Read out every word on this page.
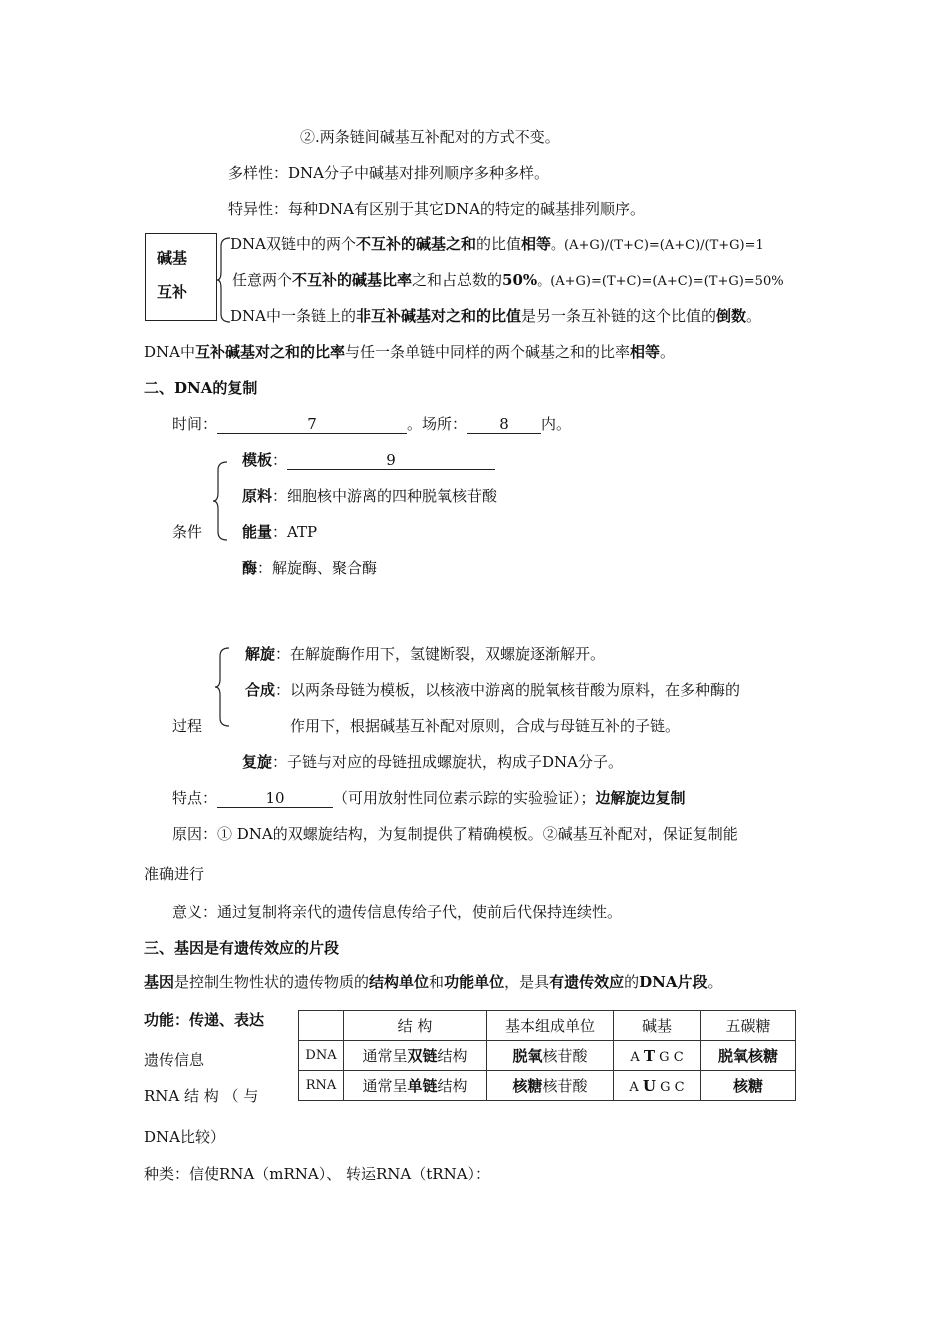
②.两条链间碱基互补配对的方式不变。
多样性：DNA分子中碱基对排列顺序多种多样。
特异性：每种DNA有区别于其它DNA的特定的碱基排列顺序。
碱基
互补
DNA双链中的两个不互补的碱基之和的比值相等。(A+G)/(T+C)=(A+C)/(T+G)=1
任意两个不互补的碱基比率之和占总数的50%。(A+G)=(T+C)=(A+C)=(T+G)=50%
DNA中一条链上的非互补碱基对之和的比值是另一条互补链的这个比值的倒数。
DNA中互补碱基对之和的比率与任一条单链中同样的两个碱基之和的比率相等。
二、DNA的复制
时间：	7	。场所： 8 内。
模板：	9
原料：细胞核中游离的四种脱氧核苷酸
条件	能量：ATP
酶：解旋酶、聚合酶
解旋：在解旋酶作用下，氢键断裂，双螺旋逐渐解开。
合成：以两条母链为模板，以核液中游离的脱氧核苷酸为原料，在多种酶的
过程	作用下，根据碱基互补配对原则，合成与母链互补的子链。
复旋：子链与对应的母链扭成螺旋状，构成子DNA分子。
特点：	10	（可用放射性同位素示踪的实验验证）；边解旋边复制
原因：① DNA的双螺旋结构，为复制提供了精确模板。②碱基互补配对，保证复制能
准确进行
意义：通过复制将亲代的遗传信息传给子代，使前后代保持连续性。
三、基因是有遗传效应的片段
基因是控制生物性状的遗传物质的结构单位和功能单位，是具有遗传效应的DNA片段。
功能：传递、表达
遗传信息
RNA 结 构 （ 与
DNA比较）
种类：信使RNA（mRNA）、 转运RNA（tRNA）：
	结 构	基本组成单位	碱基	五碳糖
DNA	通常呈双链结构	脱氧核苷酸	A T G C	脱氧核糖
RNA	通常呈单链结构	核糖核苷酸	A U G C	核糖
